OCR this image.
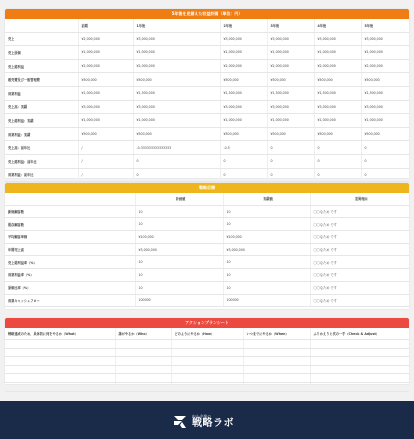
5年後を見据えた収益計画（単位：円）
	前期	1年後	2年後	3年後	4年後	5年後
売上	¥2,000,000	¥3,000,000	¥3,000,000	¥3,000,000	¥3,000,000	¥3,000,000
売上原価	¥1,000,000	¥1,000,000	¥1,000,000	¥1,000,000	¥1,000,000	¥1,000,000
売上総利益	¥2,000,000	¥2,000,000	¥2,000,000	¥2,000,000	¥2,000,000	¥2,000,000
販売費及び一般管理費	¥500,000	¥500,000	¥500,000	¥500,000	¥500,000	¥500,000
営業利益	¥1,000,000	¥1,500,000	¥1,500,000	¥1,500,000	¥1,500,000	¥1,500,000
売上高：実績	¥3,000,000	¥3,000,000	¥3,000,000	¥3,000,000	¥3,000,000	¥3,000,000
売上総利益：実績	¥1,000,000	¥1,000,000	¥1,000,000	¥1,000,000	¥1,000,000	¥1,000,000
営業利益：実績	¥500,000	¥500,000	¥500,000	¥500,000	¥500,000	¥500,000
売上高：前年比	/	-0.333333333333333	-0.5	0	0	0
売上総利益：前年比	/	0	0	0	0	0
営業利益：前年比	/	0	0	0	0	0
戦略目標
	計画値	実績値	差異理由
新規顧客数	10	10	〇〇なため です
既存顧客数	10	10	〇〇なため です
平均顧客単価	¥100,000	¥100,000	〇〇なため です
年間売上高	¥3,000,000	¥3,000,000	〇〇なため です
売上総利益率（%）	10	10	〇〇なため です
営業利益率（%）	10	10	〇〇なため です
原価比率（%）	10	10	〇〇なため です
営業キャッシュフロー	100000	100000	〇〇なため です
アクションプランシート
戦略達成のため、具体的に何をやるか（What）	誰がやるか（Who）	どのようにやるか（How）	いつまでにやるか（When）	ふりかえりと次の一手（Check & Adjust）

中小企業の
戦略ラボ
